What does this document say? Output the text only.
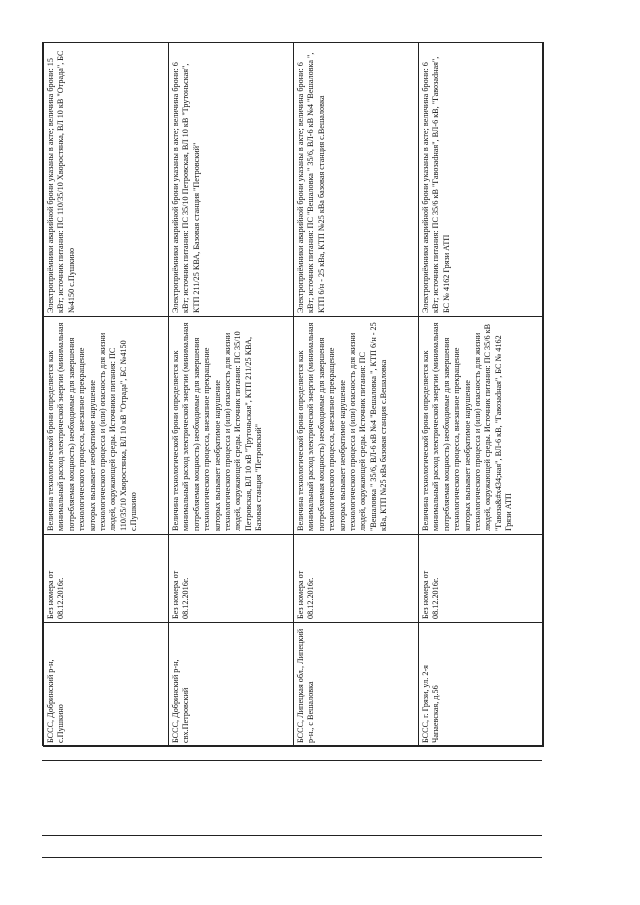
БССС, Добринский р-н, с.Пушкино	Без номера от 08.12.2016г.	Величина технологической брони определяется как минимальный расход электрической энергии (минимальная потребляемая мощность) необходимые для завершения технологического процесса, внезапное прекращение которых вызывает необратимое нарушение технологического процесса и (или) опасность для жизни людей, окружающей среды. Источники питания: ПС 110/35/10 Хворостянка, ВЛ 10 кВ "Отрада", БС №4150 с.Пушкино	Электроприёмники аварийной брони указаны в акте; величина брони: 15 кВт; источник питания: ПС 110/35/10 Хворостянка, ВЛ 10 кВ "Отрада", БС №4150 с.Пушкино
БССС, Добринский р-н, свх.Петровский	Без номера от 08.12.2016г.	Величина технологической брони определяется как минимальный расход электрической энергии (минимальная потребляемая мощность) необходимые для завершения технологического процесса, внезапное прекращение которых вызывает необратимое нарушение технологического процесса и (или) опасность для жизни людей, окружающей среды. Источник питания: ПС 35/10 Петровская, ВЛ 10 кВ "Трутоньская", КТП 211/25 КВА, Базовая станция "Петровский"	Электроприёмники аварийной брони указаны в акте; величина брони: 6 кВт; источник питания: ПС 35/10 Петровская, ВЛ 10 кВ "Трутоньская", КТП 211/25 КВА, Базовая станция "Петровский"
БССС, Липецкая обл., Липецкий р-н., с Вешаловка	Без номера от 08.12.2016г.	Величина технологической брони определяется как минимальный расход электрической энергии (минимальная потребляемая мощность) необходимые для завершения технологического процесса, внезапное прекращение которых вызывает необратимое нарушение технологического процесса и (или) опасность для жизни людей, окружающей среды. Источник питания: ПС "Вешаловка " 35/6, ВЛ-6 кВ №4 "Вешаловка ", КТП 6/н - 25 кВа, КТП №25 кВа базовая станция с.Вешаловка	Электроприёмники аварийной брони указаны в акте; величина брони: 6 кВт; источник питания: ПС "Вешаловка " 35/6, ВЛ-6 кВ №4 "Вешаловка ", КТП 6/н - 25 кВа, КТП №25 кВа базовая станция с.Вешаловка
БССС, г. Грязи, ул. 2-я Чапаевская, д.56	Без номера от 08.12.2016г.	Величина технологической брони определяется как минимальный расход электрической энергии (минимальная потребляемая мощность) необходимые для завершения технологического процесса, внезапное прекращение которых вызывает необратимое нарушение технологического процесса и (или) опасность для жизни людей, окружающей среды. Источник питания: ПС 35/6 кВ "Гавоза&#x434;ная", ВЛ-6 кВ, "Гавозаdная", БС № 4162 Грязи АТП	Электроприёмники аварийной брони указаны в акте; величина брони: 6 кВт; источник питания: ПС 35/6 кВ "Гавозаdная", ВЛ-6 кВ, "Гавозаdная", БС № 4162 Грязи АТП
